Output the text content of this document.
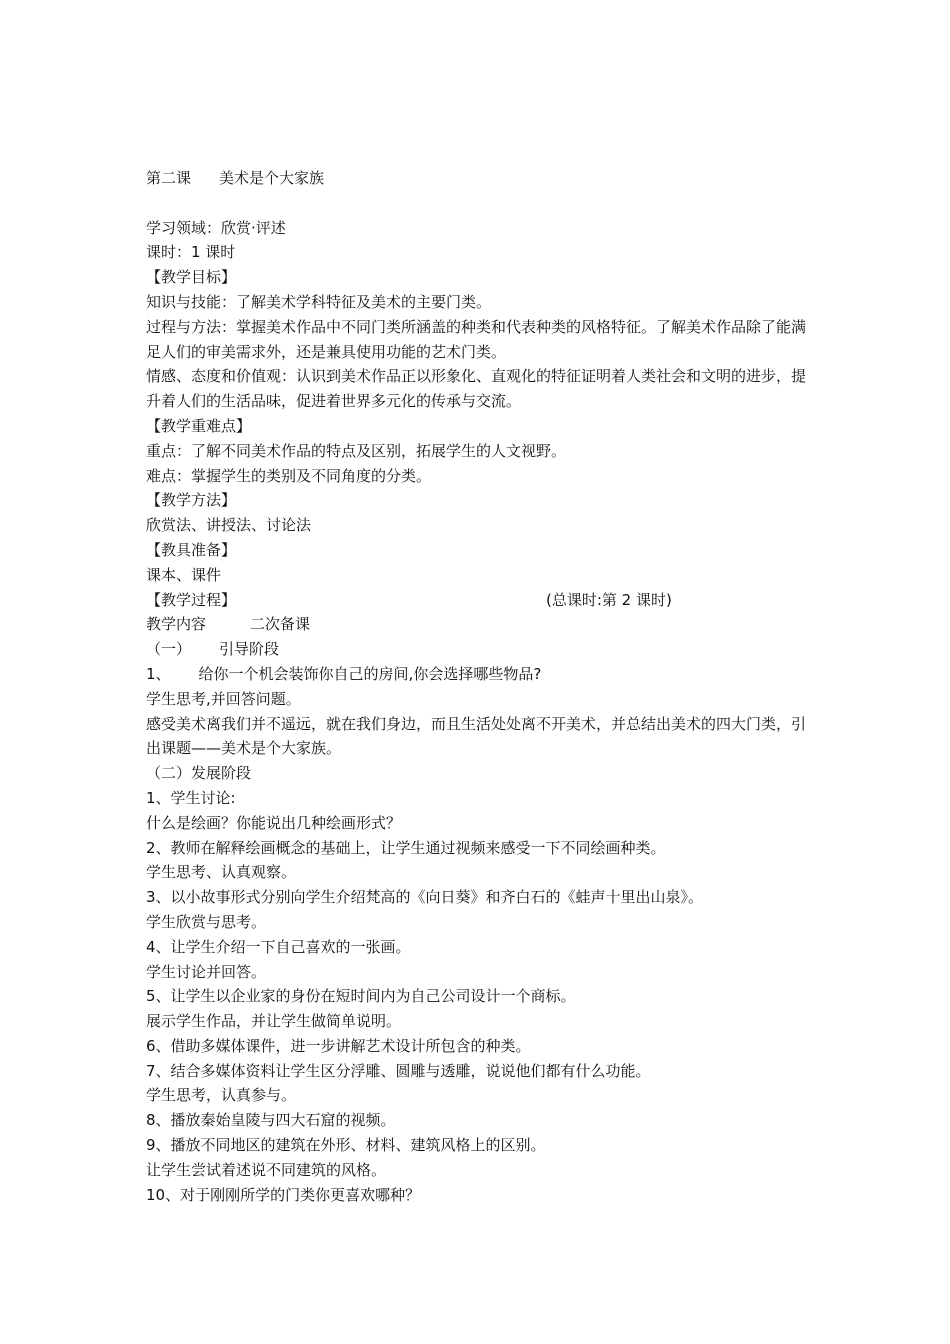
第二课 美术是个大家族
学习领域：欣赏·评述
课时：1 课时
【教学目标】
知识与技能：了解美术学科特征及美术的主要门类。
过程与方法：掌握美术作品中不同门类所涵盖的种类和代表种类的风格特征。了解美术作品除了能满足人们的审美需求外，还是兼具使用功能的艺术门类。
情感、态度和价值观：认识到美术作品正以形象化、直观化的特征证明着人类社会和文明的进步，提升着人们的生活品味，促进着世界多元化的传承与交流。
【教学重难点】
重点：了解不同美术作品的特点及区别，拓展学生的人文视野。
难点：掌握学生的类别及不同角度的分类。
【教学方法】
欣赏法、讲授法、讨论法
【教具准备】
课本、课件
【教学过程】	(总课时:第 2 课时)
教学内容	二次备课
（一） 引导阶段
1、 给你一个机会装饰你自己的房间,你会选择哪些物品?
学生思考,并回答问题。
感受美术离我们并不遥远，就在我们身边，而且生活处处离不开美术，并总结出美术的四大门类，引出课题——美术是个大家族。
（二）发展阶段
1、学生讨论:
什么是绘画？你能说出几种绘画形式？
2、教师在解释绘画概念的基础上，让学生通过视频来感受一下不同绘画种类。
学生思考、认真观察。
3、以小故事形式分别向学生介绍梵高的《向日葵》和齐白石的《蛙声十里出山泉》。
学生欣赏与思考。
4、让学生介绍一下自己喜欢的一张画。
学生讨论并回答。
5、让学生以企业家的身份在短时间内为自己公司设计一个商标。
展示学生作品，并让学生做简单说明。
6、借助多媒体课件，进一步讲解艺术设计所包含的种类。
7、结合多媒体资料让学生区分浮雕、圆雕与透雕，说说他们都有什么功能。
学生思考，认真参与。
8、播放秦始皇陵与四大石窟的视频。
9、播放不同地区的建筑在外形、材料、建筑风格上的区别。
让学生尝试着述说不同建筑的风格。
10、对于刚刚所学的门类你更喜欢哪种？
